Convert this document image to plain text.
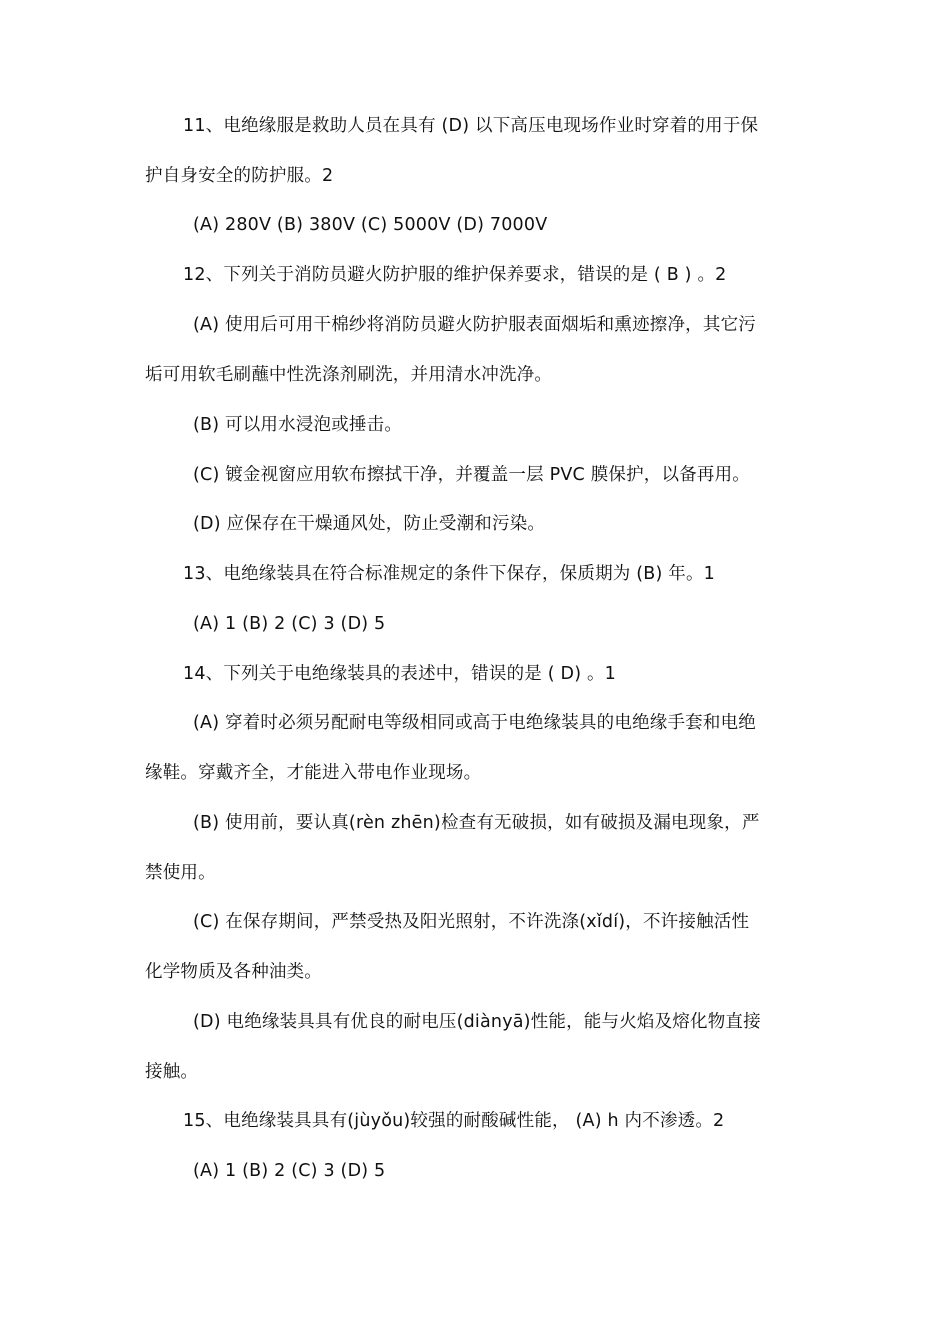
11、电绝缘服是救助人员在具有 (D) 以下高压电现场作业时穿着的用于保
护自身安全的防护服。2
(A) 280V (B) 380V (C) 5000V (D) 7000V
12、下列关于消防员避火防护服的维护保养要求，错误的是 ( B ) 。2
(A) 使用后可用干棉纱将消防员避火防护服表面烟垢和熏迹擦净，其它污
垢可用软毛刷蘸中性洗涤剂刷洗，并用清水冲洗净。
(B) 可以用水浸泡或捶击。
(C) 镀金视窗应用软布擦拭干净，并覆盖一层 PVC 膜保护，以备再用。
(D) 应保存在干燥通风处，防止受潮和污染。
13、电绝缘装具在符合标准规定的条件下保存，保质期为 (B) 年。1
(A) 1 (B) 2 (C) 3 (D) 5
14、下列关于电绝缘装具的表述中，错误的是 ( D) 。1
(A) 穿着时必须另配耐电等级相同或高于电绝缘装具的电绝缘手套和电绝
缘鞋。穿戴齐全，才能进入带电作业现场。
(B) 使用前，要认真(rèn zhēn)检查有无破损，如有破损及漏电现象，严
禁使用。
(C) 在保存期间，严禁受热及阳光照射，不许洗涤(xǐdí)，不许接触活性
化学物质及各种油类。
(D) 电绝缘装具具有优良的耐电压(diànyā)性能，能与火焰及熔化物直接
接触。
15、电绝缘装具具有(jùyǒu)较强的耐酸碱性能， (A) h 内不渗透。2
(A) 1 (B) 2 (C) 3 (D) 5
